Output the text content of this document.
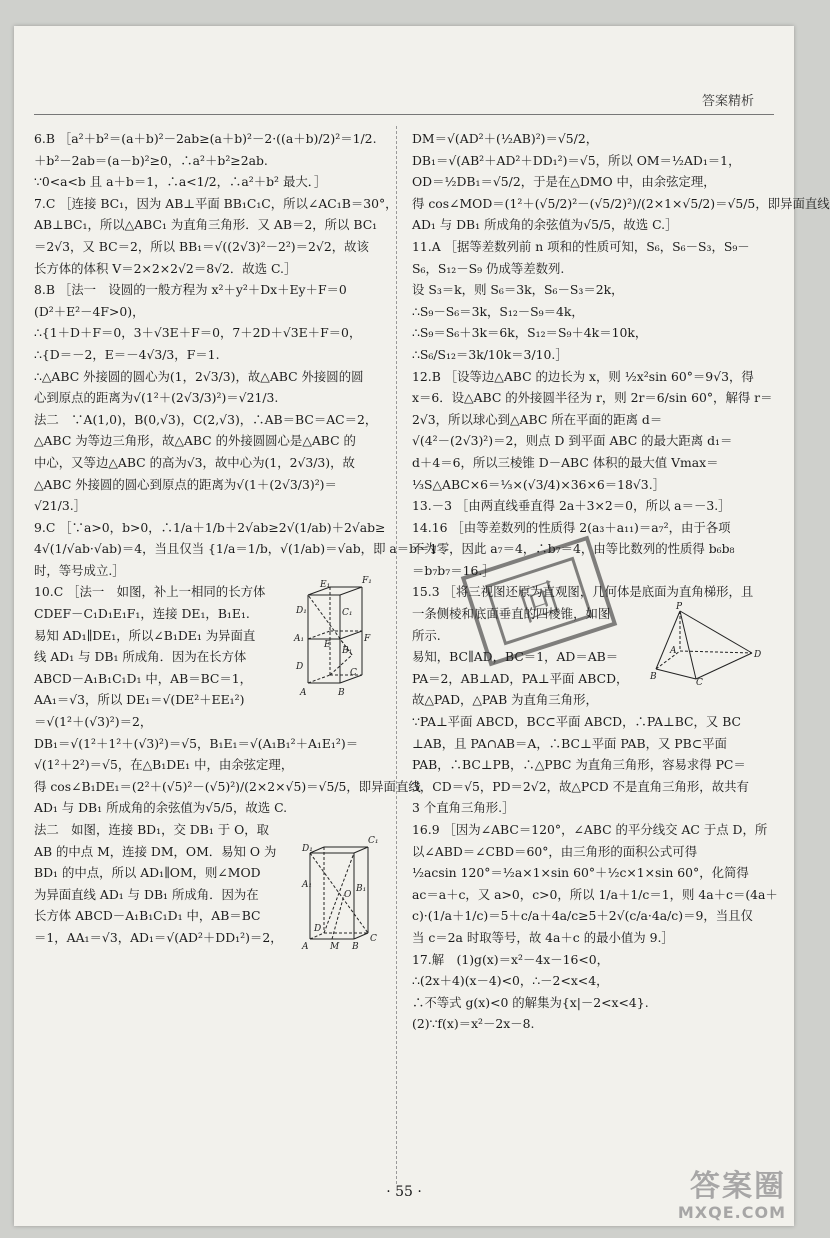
答案精析
6.B ［a²＋b²＝(a＋b)²－2ab≥(a＋b)²－2·((a＋b)/2)²＝1/2.
＋b²－2ab＝(a－b)²≥0，∴a²＋b²≥2ab.
∵0<a<b 且 a＋b＝1，∴a<1/2，∴a²＋b² 最大．］
7.C ［连接 BC₁，因为 AB⊥平面 BB₁C₁C，所以∠AC₁B＝30°，
AB⊥BC₁，所以△ABC₁ 为直角三角形．又 AB＝2，所以 BC₁
＝2√3，又 BC＝2，所以 BB₁＝√((2√3)²－2²)＝2√2，故该
长方体的体积 V＝2×2×2√2＝8√2．故选 C.］
8.B ［法一　设圆的一般方程为 x²＋y²＋Dx＋Ey＋F＝0
(D²＋E²－4F>0)，
∴{1＋D＋F＝0，3＋√3E＋F＝0，7＋2D＋√3E＋F＝0，
∴{D＝－2，E＝－4√3/3，F＝1.
∴△ABC 外接圆的圆心为(1，2√3/3)，故△ABC 外接圆的圆
心到原点的距离为√(1²＋(2√3/3)²)＝√21/3.
法二　∵A(1,0)，B(0,√3)，C(2,√3)，∴AB＝BC＝AC＝2，
△ABC 为等边三角形，故△ABC 的外接圆圆心是△ABC 的
中心，又等边△ABC 的高为√3，故中心为(1，2√3/3)，故
△ABC 外接圆的圆心到原点的距离为√(1＋(2√3/3)²)＝
√21/3.］
9.C ［∵a>0，b>0，∴1/a＋1/b＋2√ab≥2√(1/ab)＋2√ab≥
4√(1/√ab·√ab)＝4，当且仅当 {1/a＝1/b，√(1/ab)＝√ab，即 a＝b＝1
时，等号成立.］
E₁	F₁
D₁	C₁
A₁
B₁
D
C
F
E
A	B
10.C ［法一　如图，补上一相同的长方体
CDEF－C₁D₁E₁F₁，连接 DE₁，B₁E₁.
易知 AD₁∥DE₁，所以∠B₁DE₁ 为异面直
线 AD₁ 与 DB₁ 所成角．因为在长方体
ABCD－A₁B₁C₁D₁ 中，AB＝BC＝1，
AA₁＝√3，所以 DE₁＝√(DE²＋EE₁²)
＝√(1²＋(√3)²)＝2，
DB₁＝√(1²＋1²＋(√3)²)＝√5，B₁E₁＝√(A₁B₁²＋A₁E₁²)＝
√(1²＋2²)＝√5，在△B₁DE₁ 中，由余弦定理，
得 cos∠B₁DE₁＝(2²＋(√5)²－(√5)²)/(2×2×√5)＝√5/5，即异面直线
AD₁ 与 DB₁ 所成角的余弦值为√5/5，故选 C.
法二　如图，连接 BD₁，交 DB₁ 于 O，取
D₁
C₁
A₁	B₁
O
D
C
A M B
AB 的中点 M，连接 DM，OM．易知 O 为
BD₁ 的中点，所以 AD₁∥OM，则∠MOD
为异面直线 AD₁ 与 DB₁ 所成角．因为在
长方体 ABCD－A₁B₁C₁D₁ 中，AB＝BC
＝1，AA₁＝√3，AD₁＝√(AD²＋DD₁²)＝2，
DM＝√(AD²＋(½AB)²)＝√5/2，
DB₁＝√(AB²＋AD²＋DD₁²)＝√5，所以 OM＝½AD₁＝1，
OD＝½DB₁＝√5/2，于是在△DMO 中，由余弦定理，
得 cos∠MOD＝(1²＋(√5/2)²－(√5/2)²)/(2×1×√5/2)＝√5/5，即异面直线
AD₁ 与 DB₁ 所成角的余弦值为√5/5，故选 C.］
11.A ［据等差数列前 n 项和的性质可知，S₆，S₆－S₃，S₉－
S₆，S₁₂－S₉ 仍成等差数列.
设 S₃＝k，则 S₆＝3k，S₆－S₃＝2k，
∴S₉－S₆＝3k，S₁₂－S₉＝4k，
∴S₉＝S₆＋3k＝6k，S₁₂＝S₉＋4k＝10k，
∴S₆/S₁₂＝3k/10k＝3/10.］
12.B ［设等边△ABC 的边长为 x，则 ½x²sin 60°＝9√3，得
x＝6．设△ABC 的外接圆半径为 r，则 2r＝6/sin 60°，解得 r＝
2√3，所以球心到△ABC 所在平面的距离 d＝
√(4²－(2√3)²)＝2，则点 D 到平面 ABC 的最大距离 d₁＝
d＋4＝6，所以三棱锥 D－ABC 体积的最大值 Vmax＝
⅓S△ABC×6＝⅓×(√3/4)×36×6＝18√3.］
13.－3 ［由两直线垂直得 2a＋3×2＝0，所以 a＝－3.］
14.16 ［由等差数列的性质得 2(a₃＋a₁₁)＝a₇²，由于各项
不为零，因此 a₇＝4，∴b₇＝4，由等比数列的性质得 b₆b₈
＝b₇b₇＝16.］
15.3 ［将三视图还原为直观图，几何体是底面为直角梯形，且
P
A	D
B
C
一条侧棱和底面垂直的四棱锥，如图
所示.
易知，BC∥AD，BC＝1，AD＝AB＝
PA＝2，AB⊥AD，PA⊥平面 ABCD，
故△PAD，△PAB 为直角三角形，
∵PA⊥平面 ABCD，BC⊂平面 ABCD，∴PA⊥BC，又 BC
⊥AB，且 PA∩AB＝A，∴BC⊥平面 PAB，又 PB⊂平面
PAB，∴BC⊥PB，∴△PBC 为直角三角形，容易求得 PC＝
3，CD＝√5，PD＝2√2，故△PCD 不是直角三角形，故共有
3 个直角三角形.］
16.9 ［因为∠ABC＝120°，∠ABC 的平分线交 AC 于点 D，所
以∠ABD＝∠CBD＝60°，由三角形的面积公式可得
½acsin 120°＝½a×1×sin 60°＋½c×1×sin 60°，化简得
ac＝a＋c，又 a>0，c>0，所以 1/a＋1/c＝1，则 4a＋c＝(4a＋
c)·(1/a＋1/c)＝5＋c/a＋4a/c≥5＋2√(c/a·4a/c)＝9，当且仅
当 c＝2a 时取等号，故 4a＋c 的最小值为 9.］
17.解　(1)g(x)＝x²－4x－16<0，
∴(2x＋4)(x－4)<0，∴－2<x<4，
∴不等式 g(x)<0 的解集为{x|－2<x<4}.
(2)∵f(x)＝x²－2x－8.
· 55 ·
回
答案圈
MXQE.COM
